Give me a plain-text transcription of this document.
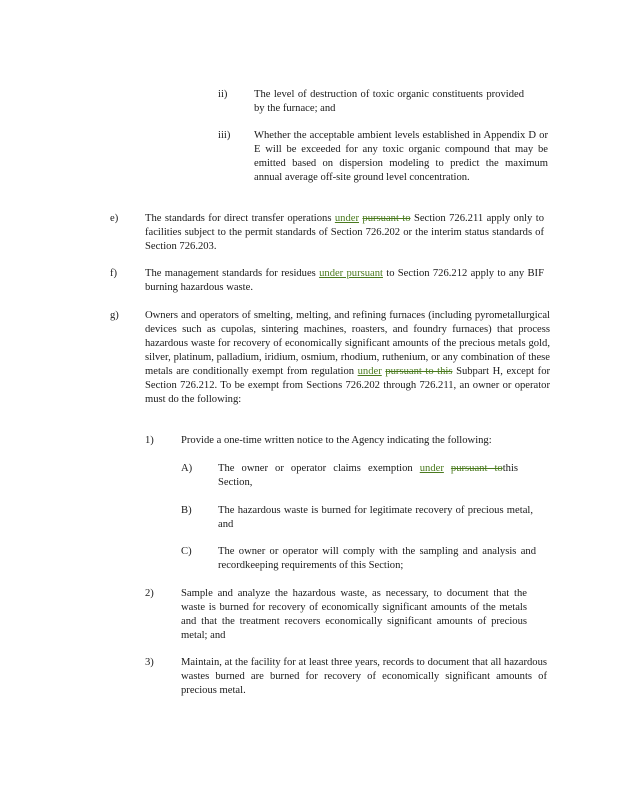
ii)	The level of destruction of toxic organic constituents provided by the furnace; and
iii) Whether the acceptable ambient levels established in Appendix D or E will be exceeded for any toxic organic compound that may be emitted based on dispersion modeling to predict the maximum annual average off-site ground level concentration.
e)	The standards for direct transfer operations under pursuant to Section 726.211 apply only to facilities subject to the permit standards of Section 726.202 or the interim status standards of Section 726.203.
f)	The management standards for residues under pursuant to Section 726.212 apply to any BIF burning hazardous waste.
g) Owners and operators of smelting, melting, and refining furnaces (including pyrometallurgical devices such as cupolas, sintering machines, roasters, and foundry furnaces) that process hazardous waste for recovery of economically significant amounts of the precious metals gold, silver, platinum, palladium, iridium, osmium, rhodium, ruthenium, or any combination of these metals are conditionally exempt from regulation under pursuant to this Subpart H, except for Section 726.212. To be exempt from Sections 726.202 through 726.211, an owner or operator must do the following:
1)	Provide a one-time written notice to the Agency indicating the following:
A) The owner or operator claims exemption under pursuant tothis Section,
B) The hazardous waste is burned for legitimate recovery of precious metal, and
C) The owner or operator will comply with the sampling and analysis and recordkeeping requirements of this Section;
2)	Sample and analyze the hazardous waste, as necessary, to document that the waste is burned for recovery of economically significant amounts of the metals and that the treatment recovers economically significant amounts of precious metal; and
3)	Maintain, at the facility for at least three years, records to document that all hazardous wastes burned are burned for recovery of economically significant amounts of precious metal.
